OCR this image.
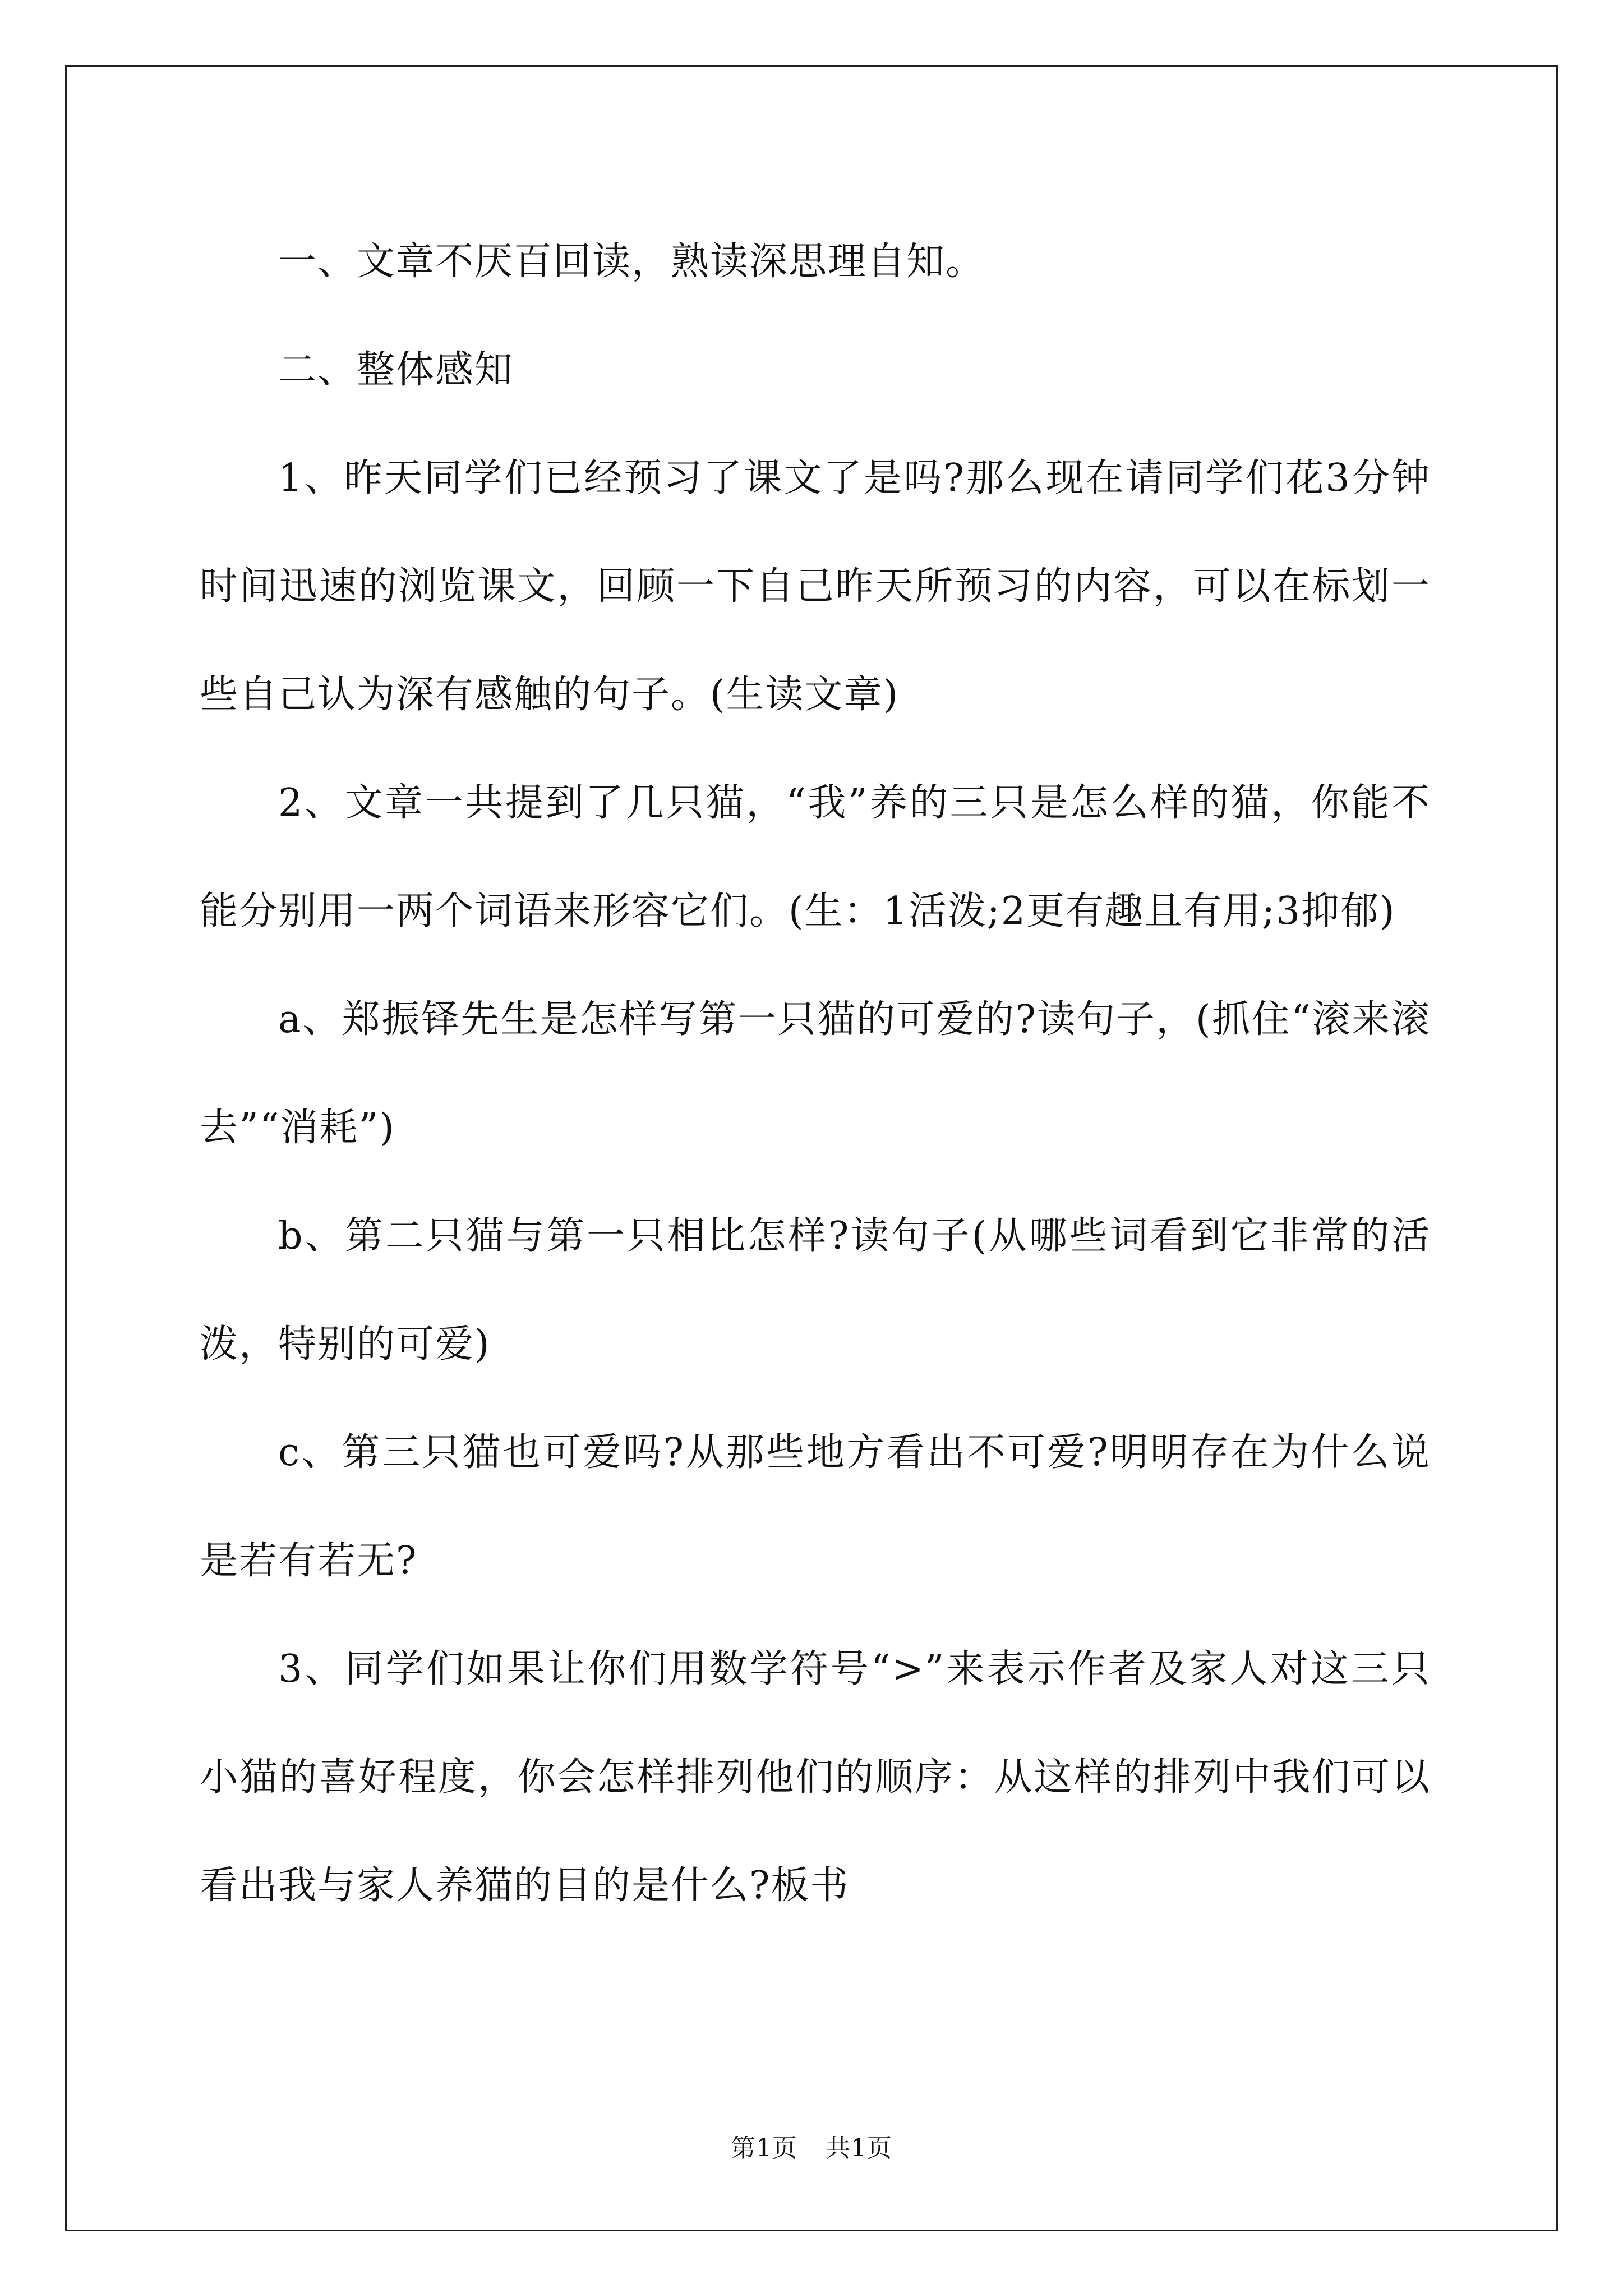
一、文章不厌百回读，熟读深思理自知。

二、整体感知

1、昨天同学们已经预习了课文了是吗?那么现在请同学们花3分钟时间迅速的浏览课文，回顾一下自己昨天所预习的内容，可以在标划一些自己认为深有感触的句子。(生读文章)

2、文章一共提到了几只猫，“我”养的三只是怎么样的猫，你能不能分别用一两个词语来形容它们。(生：1活泼;2更有趣且有用;3抑郁)

a、郑振铎先生是怎样写第一只猫的可爱的?读句子，(抓住“滚来滚去”“消耗”)

b、第二只猫与第一只相比怎样?读句子(从哪些词看到它非常的活泼，特别的可爱)

c、第三只猫也可爱吗?从那些地方看出不可爱?明明存在为什么说是若有若无?

3、同学们如果让你们用数学符号“>”来表示作者及家人对这三只小猫的喜好程度，你会怎样排列他们的顺序：从这样的排列中我们可以看出我与家人养猫的目的是什么?板书

第1页 共1页
